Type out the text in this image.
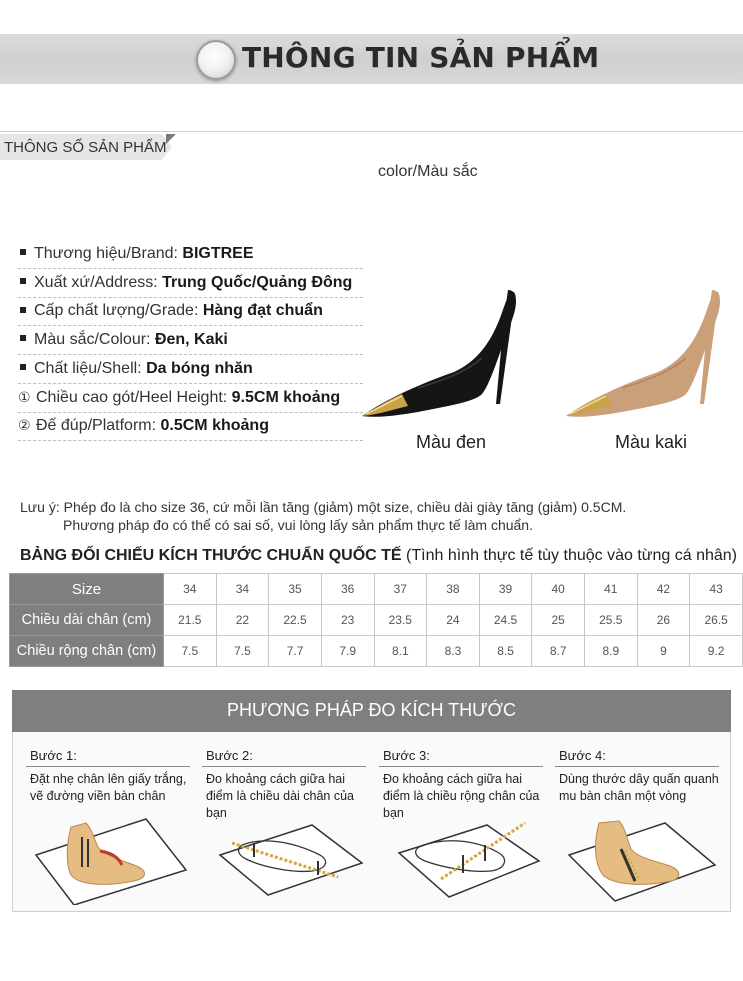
THÔNG TIN SẢN PHẨM
THÔNG SỐ SẢN PHẨM
color/Màu sắc
Thương hiệu/Brand: BIGTREE
Xuất xứ/Address: Trung Quốc/Quảng Đông
Cấp chất lượng/Grade: Hàng đạt chuẩn
Màu sắc/Colour: Đen, Kaki
Chất liệu/Shell: Da bóng nhăn
① Chiều cao gót/Heel Height: 9.5CM khoảng
② Đế đúp/Platform: 0.5CM khoảng
Màu đen	Màu kaki
Lưu ý: Phép đo là cho size 36, cứ mỗi lần tăng (giảm) một size, chiều dài giày tăng (giảm) 0.5CM.
Phương pháp đo có thể có sai số, vui lòng lấy sản phẩm thực tế làm chuẩn.
BẢNG ĐỐI CHIẾU KÍCH THƯỚC CHUẨN QUỐC TẾ (Tình hình thực tế tùy thuộc vào từng cá nhân)
Size	34	34	35	36	37	38	39	40	41	42	43
Chiều dài chân (cm)	21.5	22	22.5	23	23.5	24	24.5	25	25.5	26	26.5
Chiều rộng chân (cm)	7.5	7.5	7.7	7.9	8.1	8.3	8.5	8.7	8.9	9	9.2
PHƯƠNG PHÁP ĐO KÍCH THƯỚC
Bước 1:
Đặt nhẹ chân lên giấy trắng, vẽ đường viền bàn chân
Bước 2:
Đo khoảng cách giữa hai điểm là chiều dài chân của bạn
Bước 3:
Đo khoảng cách giữa hai điểm là chiều rộng chân của bạn
Bước 4:
Dùng thước dây quấn quanh mu bàn chân một vòng
